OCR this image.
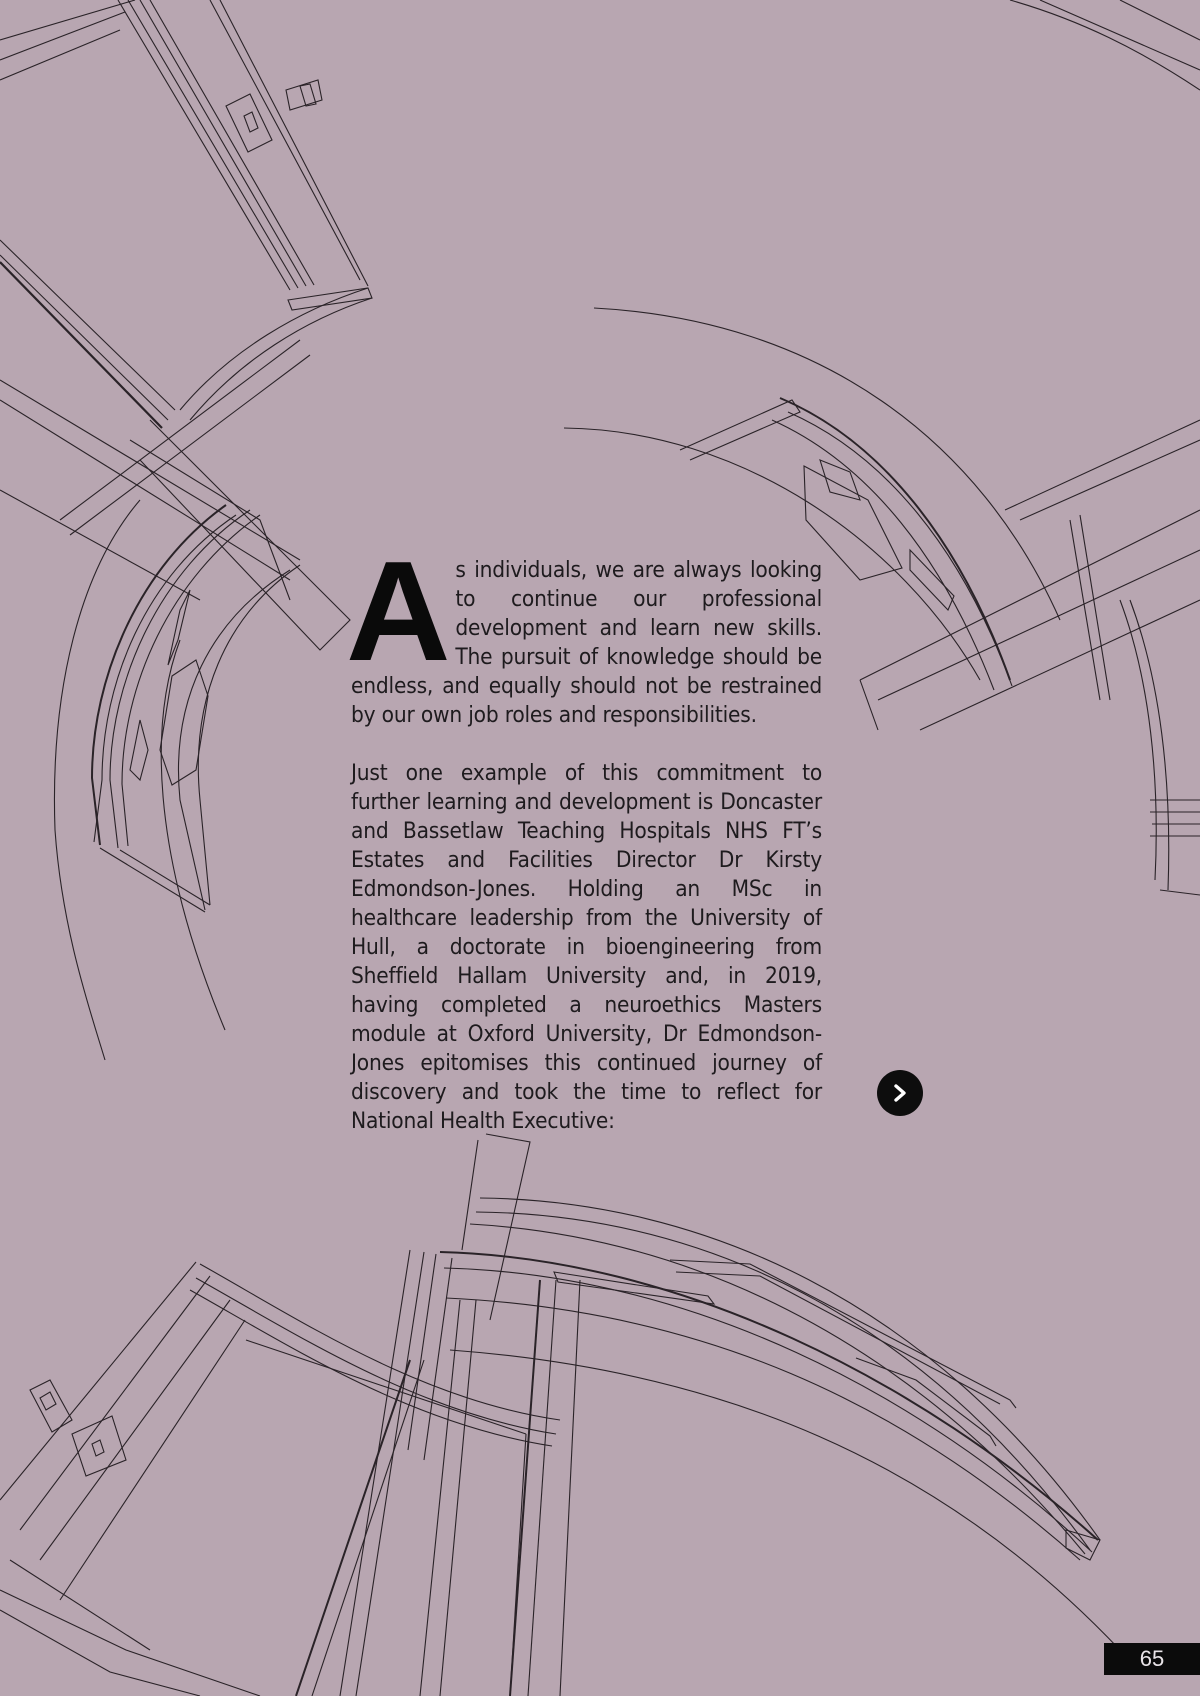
As individuals, we are always looking to continue our professional development and learn new skills. The pursuit of knowledge should be endless, and equally should not be restrained by our own job roles and responsibilities.

Just one example of this commitment to further learning and development is Doncaster and Bassetlaw Teaching Hospitals NHS FT’s Estates and Facilities Director Dr Kirsty Edmondson-Jones. Holding an MSc in healthcare leadership from the University of Hull, a doctorate in bioengineering from Sheffield Hallam University and, in 2019, having completed a neuroethics Masters module at Oxford University, Dr Edmondson-Jones epitomises this continued journey of discovery and took the time to reflect for National Health Executive:

65
